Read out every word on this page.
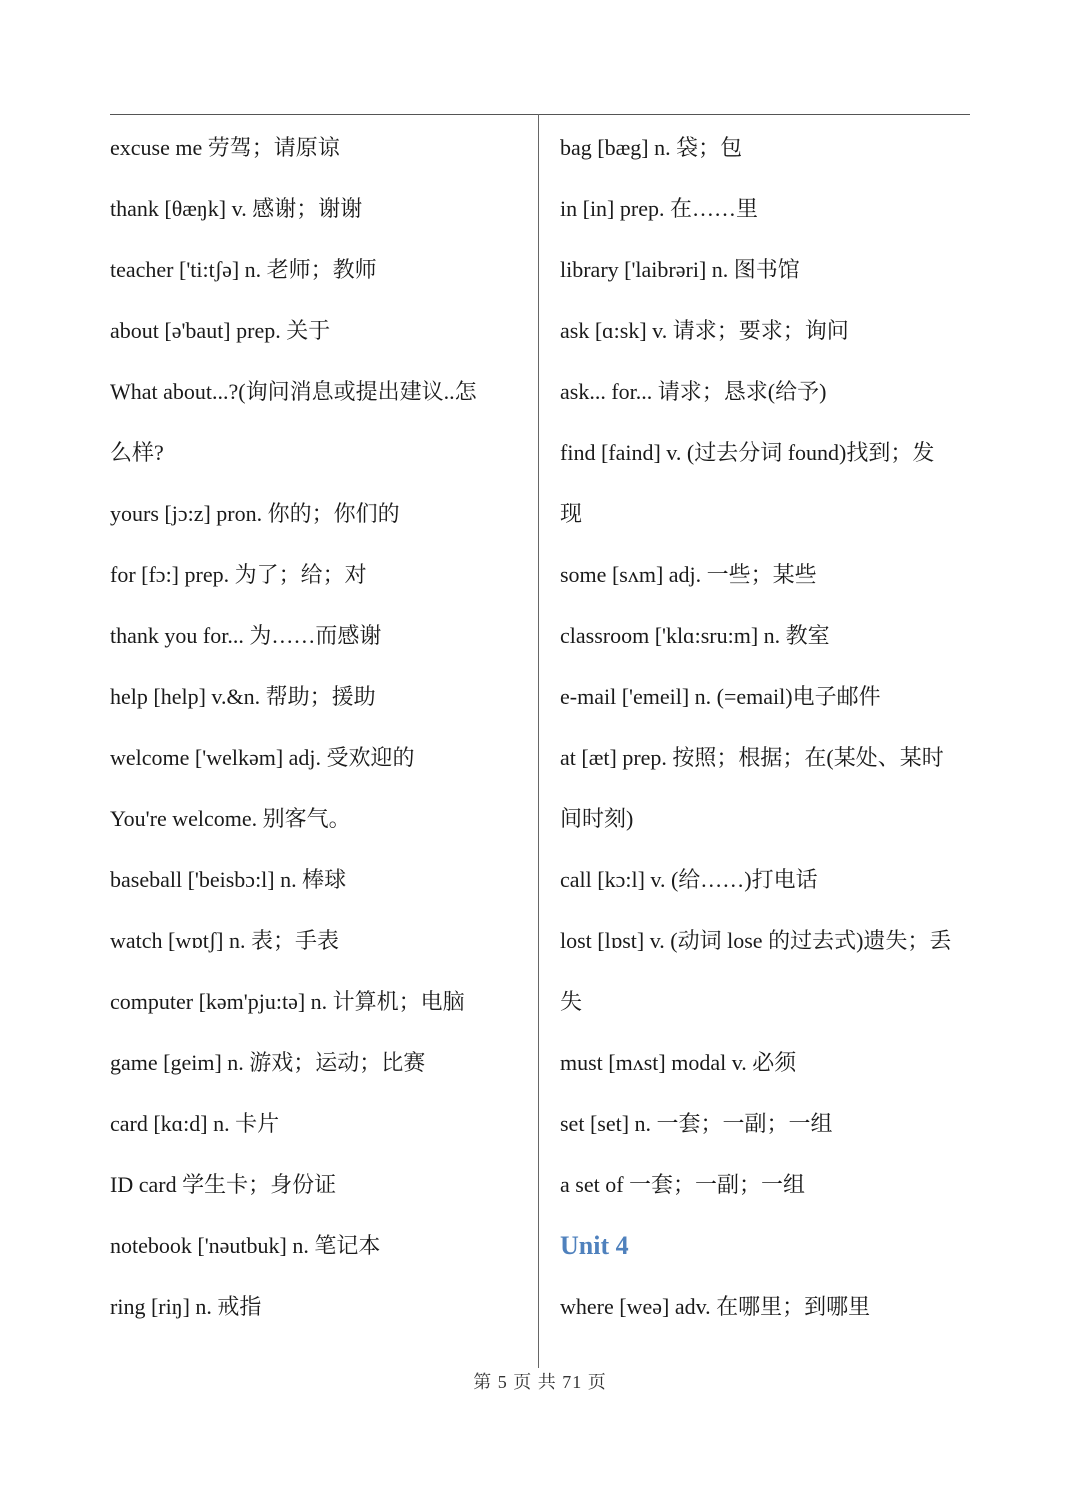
excuse me 劳驾；请原谅
thank [θæŋk] v. 感谢；谢谢
teacher ['ti:tʃə] n. 老师；教师
about [ə'baut] prep. 关于
What about...?(询问消息或提出建议..怎
么样?
yours [jɔ:z] pron. 你的；你们的
for [fɔ:] prep. 为了；给；对
thank you for... 为……而感谢
help [help] v.&n. 帮助；援助
welcome ['welkəm] adj. 受欢迎的
You're welcome. 别客气。
baseball ['beisbɔ:l] n. 棒球
watch [wɒtʃ] n. 表；手表
computer [kəm'pju:tə] n. 计算机；电脑
game [geim] n. 游戏；运动；比赛
card [kɑ:d] n. 卡片
ID card 学生卡；身份证
notebook ['nəutbuk] n. 笔记本
ring [riŋ] n. 戒指
bag [bæg] n. 袋；包
in [in] prep. 在……里
library ['laibrəri] n. 图书馆
ask [ɑ:sk] v. 请求；要求；询问
ask... for... 请求；恳求(给予)
find [faind] v. (过去分词 found)找到；发
现
some [sʌm] adj. 一些；某些
classroom ['klɑ:sru:m] n. 教室
e-mail ['emeil] n. (=email)电子邮件
at [æt] prep. 按照；根据；在(某处、某时
间时刻)
call [kɔ:l] v. (给……)打电话
lost [lɒst] v. (动词 lose 的过去式)遗失；丢
失
must [mʌst] modal v. 必须
set [set] n. 一套；一副；一组
a set of 一套；一副；一组
Unit 4
where [weə] adv. 在哪里；到哪里
第 5 页 共 71 页
